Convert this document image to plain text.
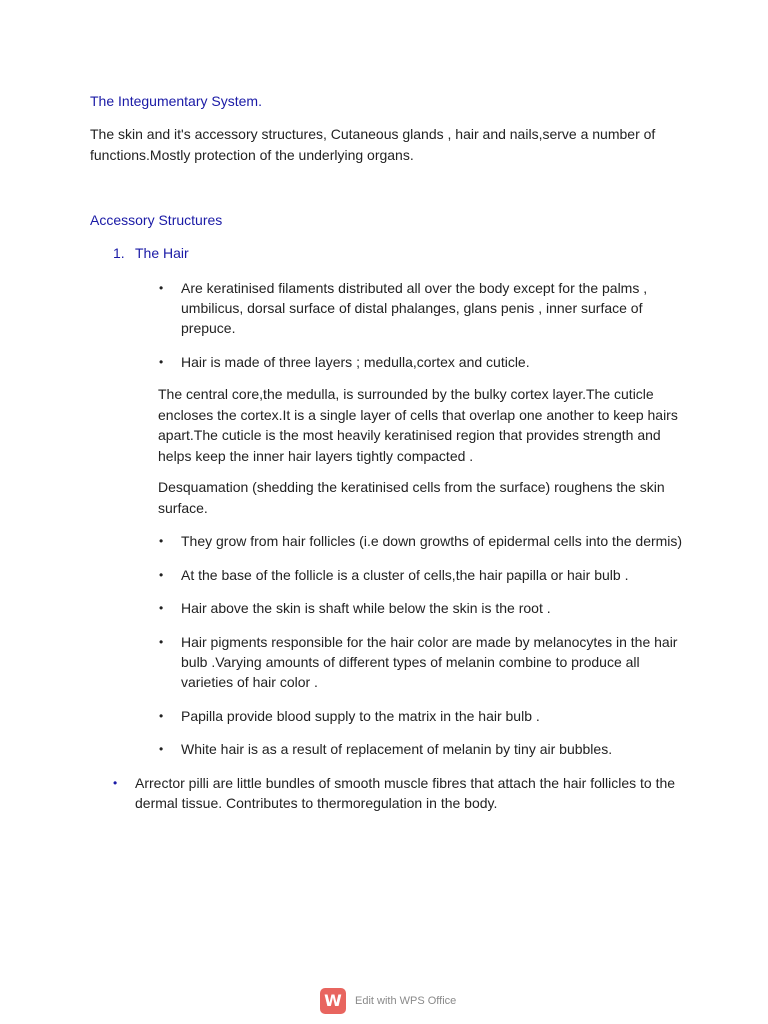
The Integumentary System.
The skin and it's accessory structures, Cutaneous glands , hair and nails,serve a number of functions.Mostly protection of the underlying organs.
Accessory Structures
1. The Hair
• Are keratinised filaments distributed all over the body except for the palms , umbilicus, dorsal surface of distal phalanges, glans penis , inner surface of prepuce.
• Hair is made of three layers ; medulla,cortex and cuticle.
The central core,the medulla, is surrounded by the bulky cortex layer.The cuticle encloses the cortex.It is a single layer of cells that overlap one another to keep hairs apart.The cuticle is the most heavily keratinised region that provides strength and helps keep the inner hair layers tightly compacted .
Desquamation (shedding the keratinised cells from the surface) roughens the skin surface.
• They grow from hair follicles (i.e down growths of epidermal cells into the dermis)
• At the base of the follicle is a cluster of cells,the hair papilla or hair bulb .
• Hair above the skin is shaft while below the skin is the root .
• Hair pigments responsible for the hair color are made by melanocytes in the hair bulb .Varying amounts of different types of melanin combine to produce all varieties of hair color .
• Papilla provide blood supply to the matrix in the hair bulb .
• White hair is as a result of replacement of melanin by tiny air bubbles.
• Arrector pilli are little bundles of smooth muscle fibres that attach the hair follicles to the dermal tissue. Contributes to thermoregulation in the body.
W	Edit with WPS Office
